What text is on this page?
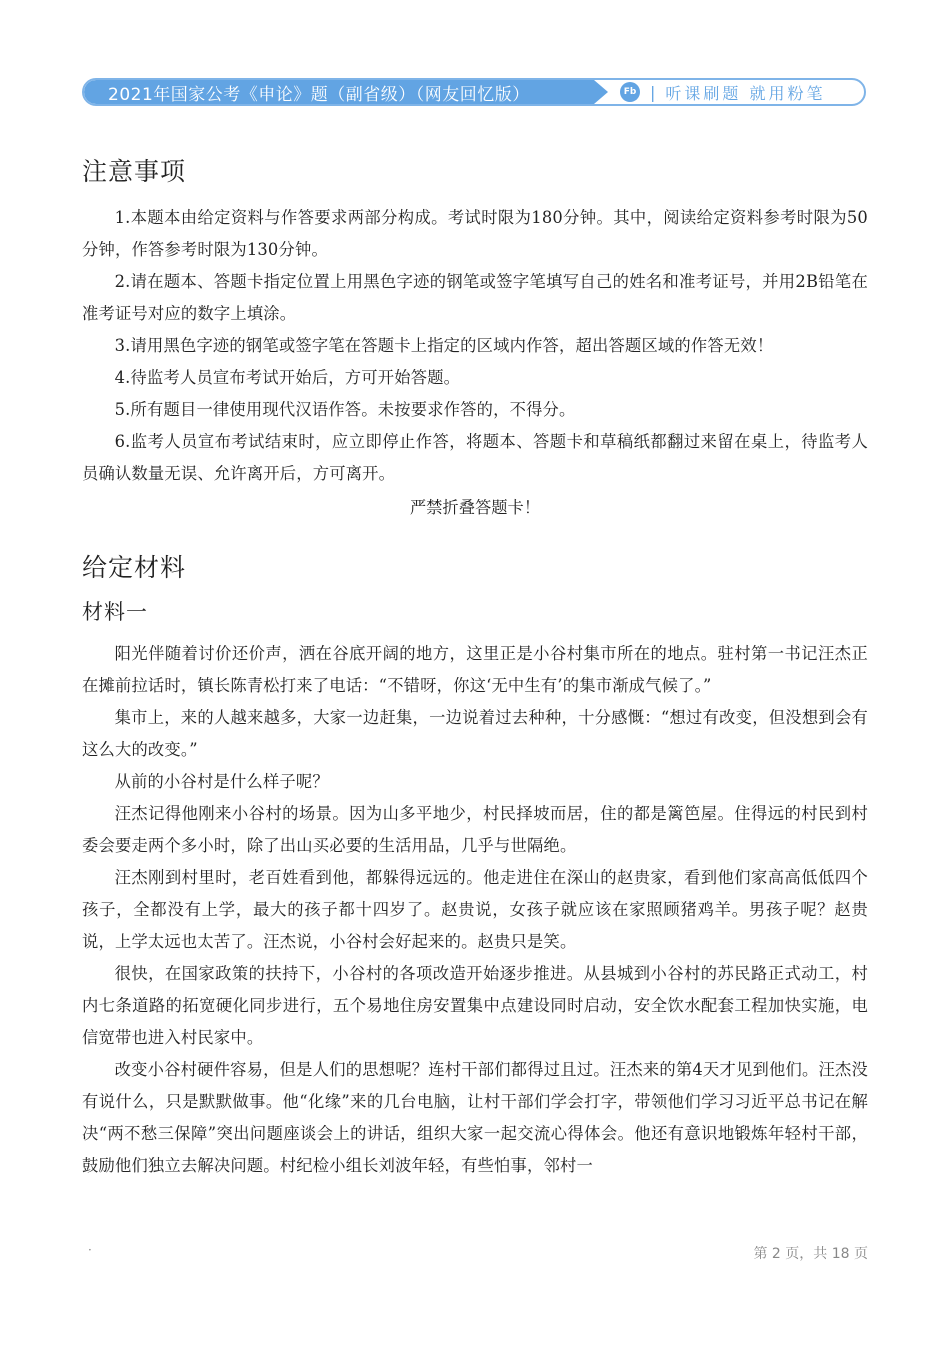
2021年国家公考《申论》题（副省级）（网友回忆版）	Fb | 听课刷题 就用粉笔
注意事项
1.本题本由给定资料与作答要求两部分构成。考试时限为180分钟。其中，阅读给定资料参考时限为50分钟，作答参考时限为130分钟。
2.请在题本、答题卡指定位置上用黑色字迹的钢笔或签字笔填写自己的姓名和准考证号，并用2B铅笔在准考证号对应的数字上填涂。
3.请用黑色字迹的钢笔或签字笔在答题卡上指定的区域内作答，超出答题区域的作答无效！
4.待监考人员宣布考试开始后，方可开始答题。
5.所有题目一律使用现代汉语作答。未按要求作答的，不得分。
6.监考人员宣布考试结束时，应立即停止作答，将题本、答题卡和草稿纸都翻过来留在桌上，待监考人员确认数量无误、允许离开后，方可离开。
严禁折叠答题卡！
给定材料
材料一
阳光伴随着讨价还价声，洒在谷底开阔的地方，这里正是小谷村集市所在的地点。驻村第一书记汪杰正在摊前拉话时，镇长陈青松打来了电话：“不错呀，你这‘无中生有’的集市渐成气候了。”
集市上，来的人越来越多，大家一边赶集，一边说着过去种种，十分感慨：“想过有改变，但没想到会有这么大的改变。”
从前的小谷村是什么样子呢？
汪杰记得他刚来小谷村的场景。因为山多平地少，村民择坡而居，住的都是篱笆屋。住得远的村民到村委会要走两个多小时，除了出山买必要的生活用品，几乎与世隔绝。
汪杰刚到村里时，老百姓看到他，都躲得远远的。他走进住在深山的赵贵家，看到他们家高高低低四个孩子，全都没有上学，最大的孩子都十四岁了。赵贵说，女孩子就应该在家照顾猪鸡羊。男孩子呢？赵贵说，上学太远也太苦了。汪杰说，小谷村会好起来的。赵贵只是笑。
很快，在国家政策的扶持下，小谷村的各项改造开始逐步推进。从县城到小谷村的苏民路正式动工，村内七条道路的拓宽硬化同步进行，五个易地住房安置集中点建设同时启动，安全饮水配套工程加快实施，电信宽带也进入村民家中。
改变小谷村硬件容易，但是人们的思想呢？连村干部们都得过且过。汪杰来的第4天才见到他们。汪杰没有说什么，只是默默做事。他“化缘”来的几台电脑，让村干部们学会打字，带领他们学习习近平总书记在解决“两不愁三保障”突出问题座谈会上的讲话，组织大家一起交流心得体会。他还有意识地锻炼年轻村干部，鼓励他们独立去解决问题。村纪检小组长刘波年轻，有些怕事，邻村一
·	第 2 页，共 18 页
